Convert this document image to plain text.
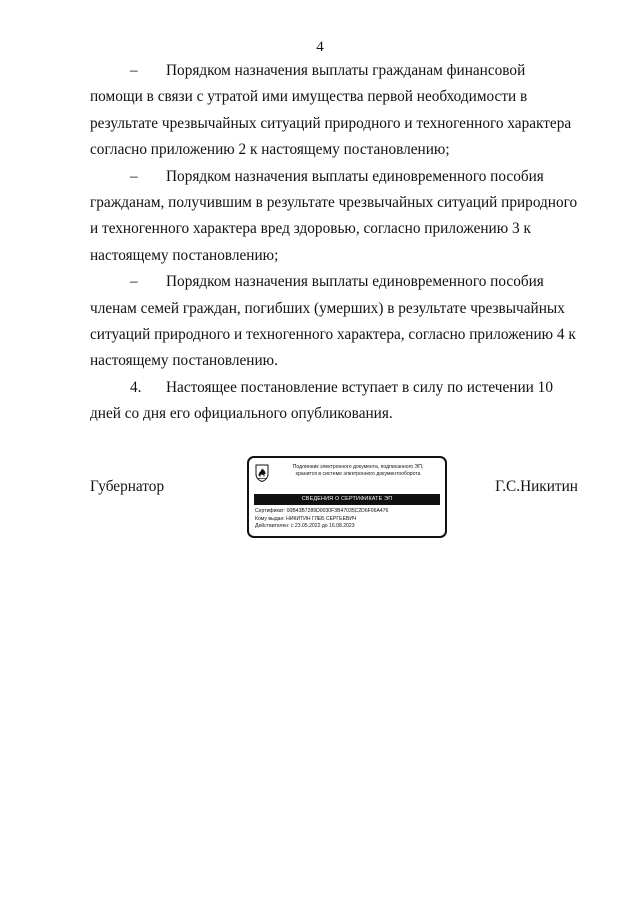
4

– Порядком назначения выплаты гражданам финансовой
помощи в связи с утратой ими имущества первой необходимости в
результате чрезвычайных ситуаций природного и техногенного характера
согласно приложению 2 к настоящему постановлению;

– Порядком назначения выплаты единовременного пособия
гражданам, получившим в результате чрезвычайных ситуаций природного
и техногенного характера вред здоровью, согласно приложению 3 к
настоящему постановлению;

– Порядком назначения выплаты единовременного пособия
членам семей граждан, погибших (умерших) в результате чрезвычайных
ситуаций природного и техногенного характера, согласно приложению 4 к
настоящему постановлению.

4. Настоящее постановление вступает в силу по истечении 10
дней со дня его официального опубликования.

Губернатор
Подлинник электронного документа, подписанного ЭП,
хранится в системе электронного документооборота
СВЕДЕНИЯ О СЕРТИФИКАТЕ ЭП
Сертификат: 00B43B7289D0030F3B47035C2D6F06A476
Кому выдан: НИКИТИН ГЛЕБ СЕРГЕЕВИЧ
Действителен: с 23.05.2022 до 16.08.2023
Г.С.Никитин
